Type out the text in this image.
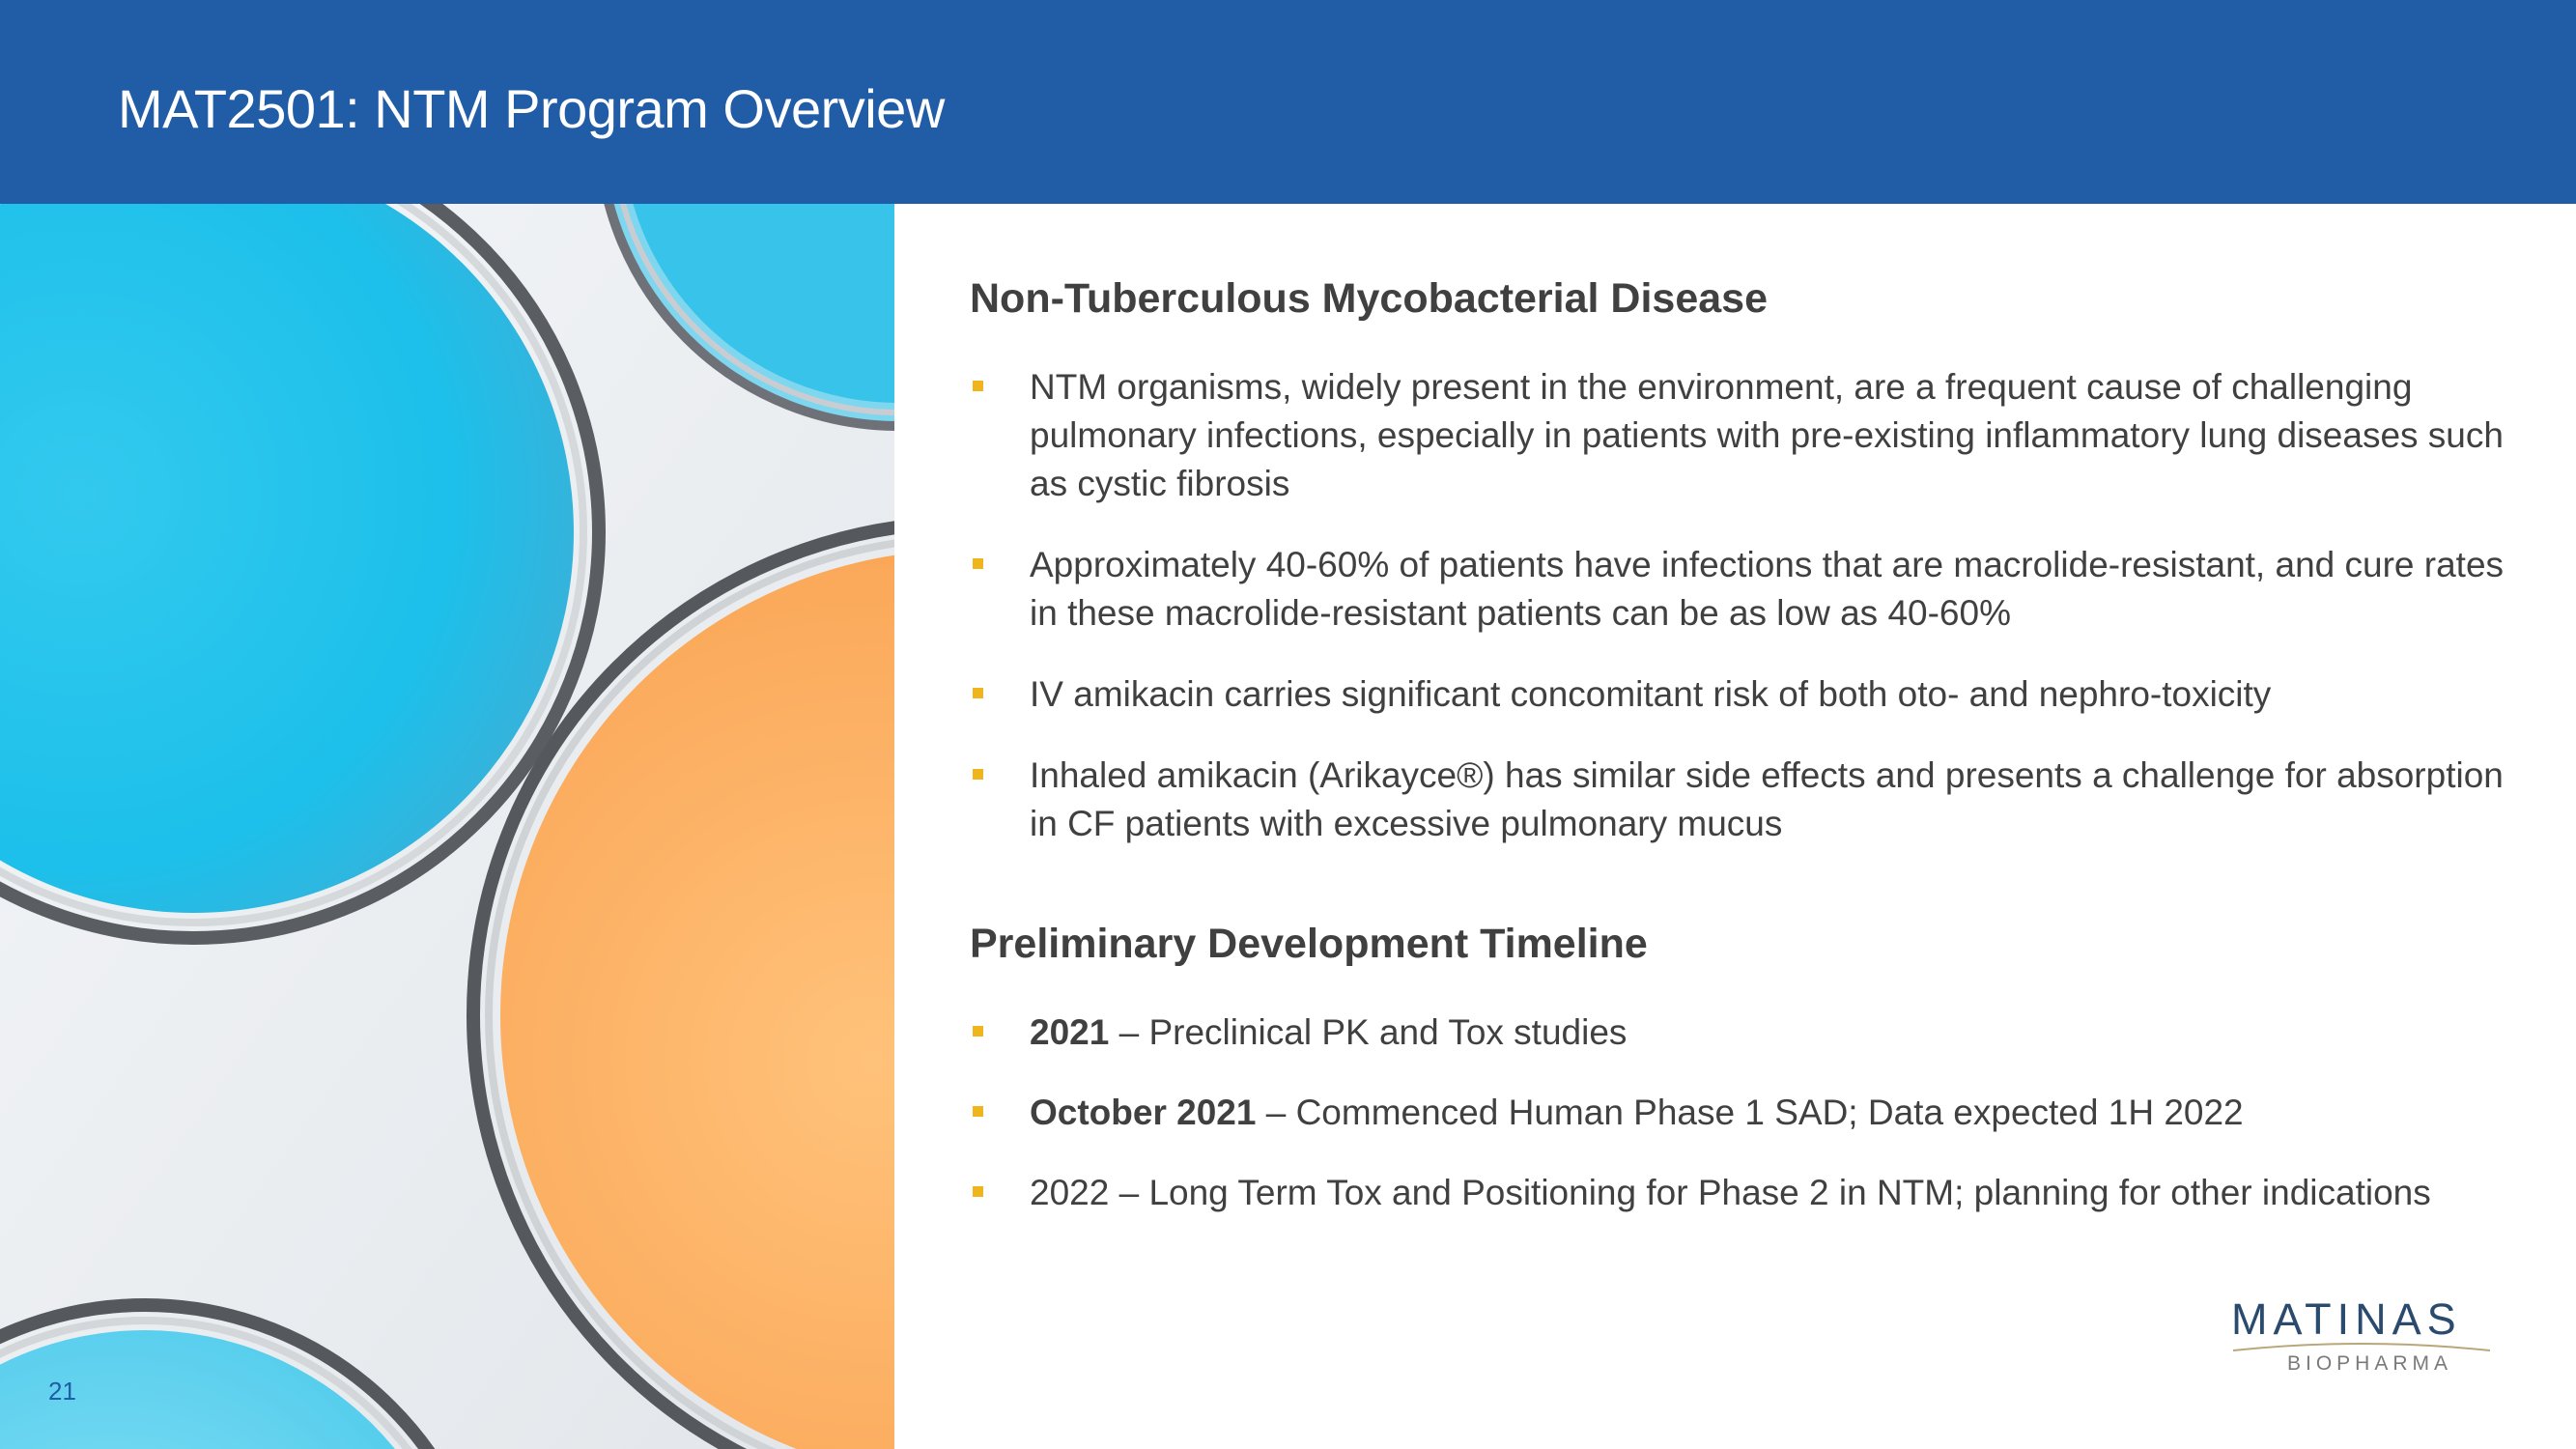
MAT2501: NTM Program Overview
21
Non-Tuberculous Mycobacterial Disease
NTM organisms, widely present in the environment, are a frequent cause of challenging pulmonary infections, especially in patients with pre-existing inflammatory lung diseases such as cystic fibrosis
Approximately 40-60% of patients have infections that are macrolide-resistant, and cure rates in these macrolide-resistant patients can be as low as 40-60%
IV amikacin carries significant concomitant risk of both oto- and nephro-toxicity
Inhaled amikacin (Arikayce®) has similar side effects and presents a challenge for absorption in CF patients with excessive pulmonary mucus
Preliminary Development Timeline
2021 – Preclinical PK and Tox studies
October 2021 – Commenced Human Phase 1 SAD; Data expected 1H 2022
2022 – Long Term Tox and Positioning for Phase 2 in NTM; planning for other indications
MATINAS
BIOPHARMA
